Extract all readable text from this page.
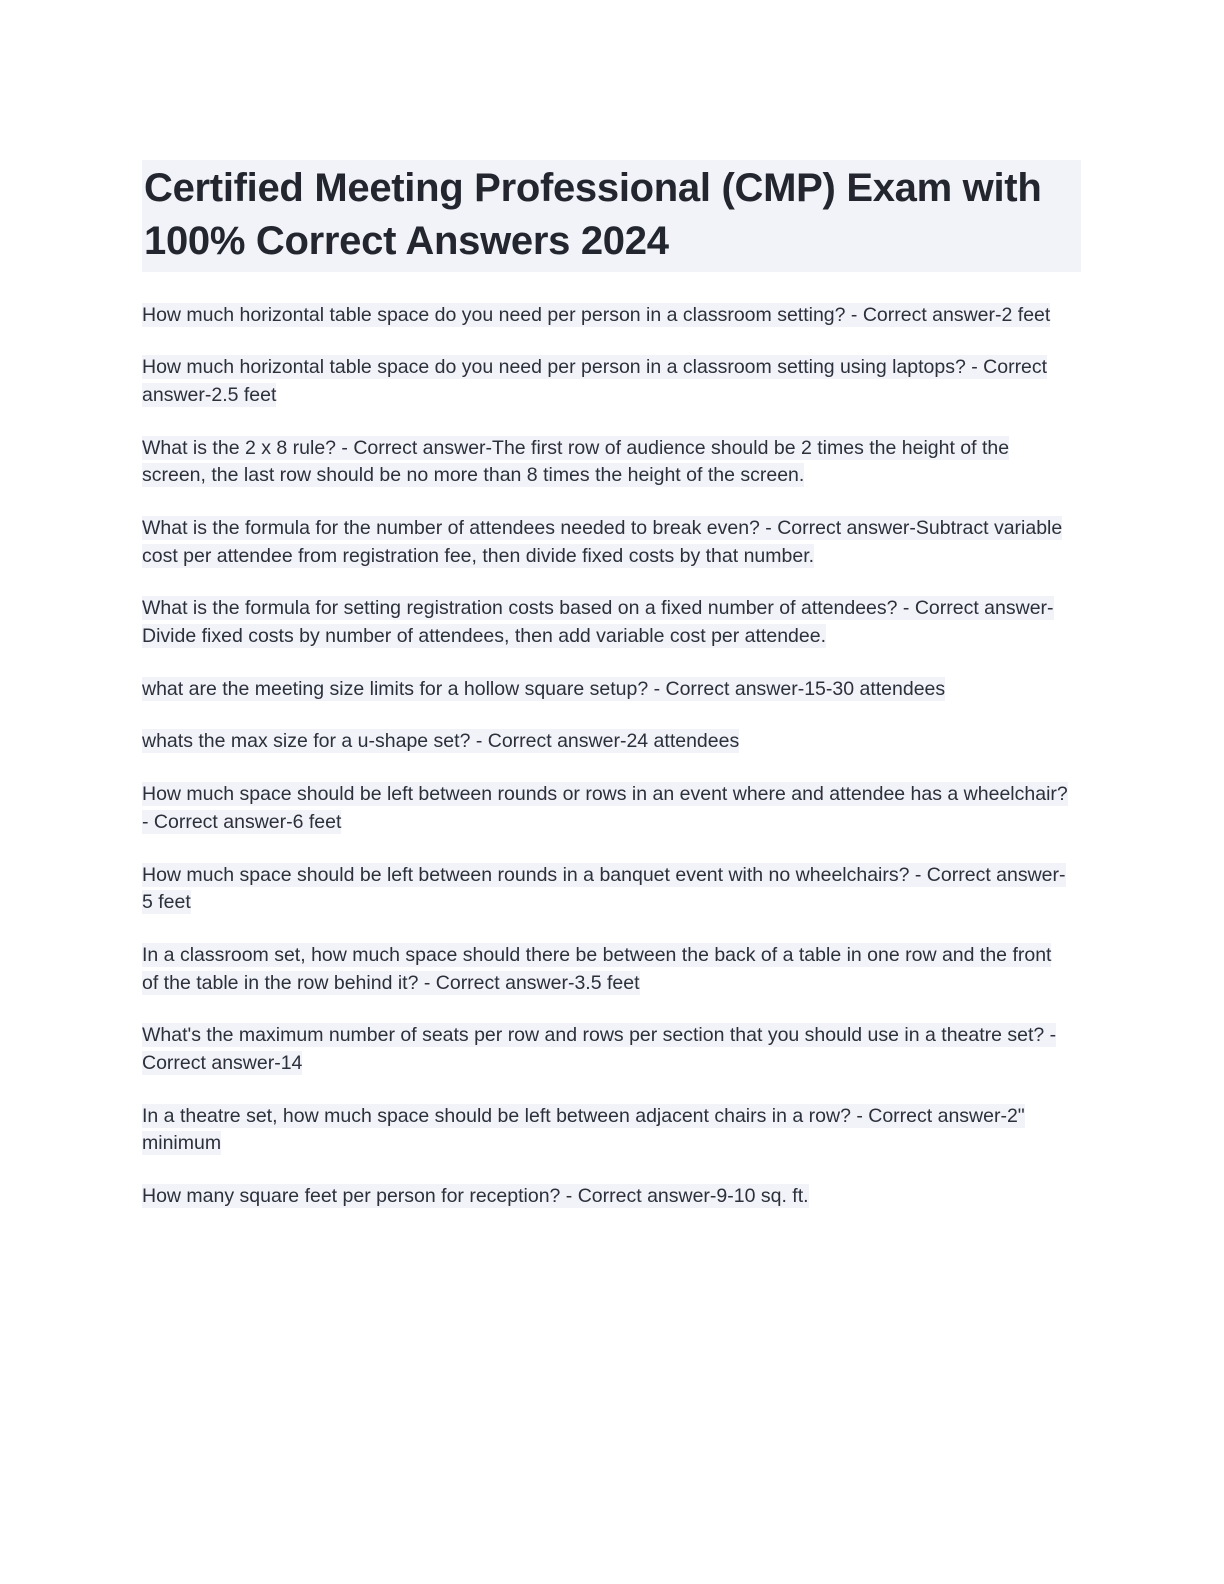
Certified Meeting Professional (CMP) Exam with 100% Correct Answers 2024

How much horizontal table space do you need per person in a classroom setting? - Correct answer-2 feet

How much horizontal table space do you need per person in a classroom setting using laptops? - Correct answer-2.5 feet

What is the 2 x 8 rule? - Correct answer-The first row of audience should be 2 times the height of the screen, the last row should be no more than 8 times the height of the screen.

What is the formula for the number of attendees needed to break even? - Correct answer-Subtract variable cost per attendee from registration fee, then divide fixed costs by that number.

What is the formula for setting registration costs based on a fixed number of attendees? - Correct answer-Divide fixed costs by number of attendees, then add variable cost per attendee.

what are the meeting size limits for a hollow square setup? - Correct answer-15-30 attendees

whats the max size for a u-shape set? - Correct answer-24 attendees

How much space should be left between rounds or rows in an event where and attendee has a wheelchair? - Correct answer-6 feet

How much space should be left between rounds in a banquet event with no wheelchairs? - Correct answer-5 feet

In a classroom set, how much space should there be between the back of a table in one row and the front of the table in the row behind it? - Correct answer-3.5 feet

What's the maximum number of seats per row and rows per section that you should use in a theatre set? - Correct answer-14

In a theatre set, how much space should be left between adjacent chairs in a row? - Correct answer-2" minimum

How many square feet per person for reception? - Correct answer-9-10 sq. ft.
